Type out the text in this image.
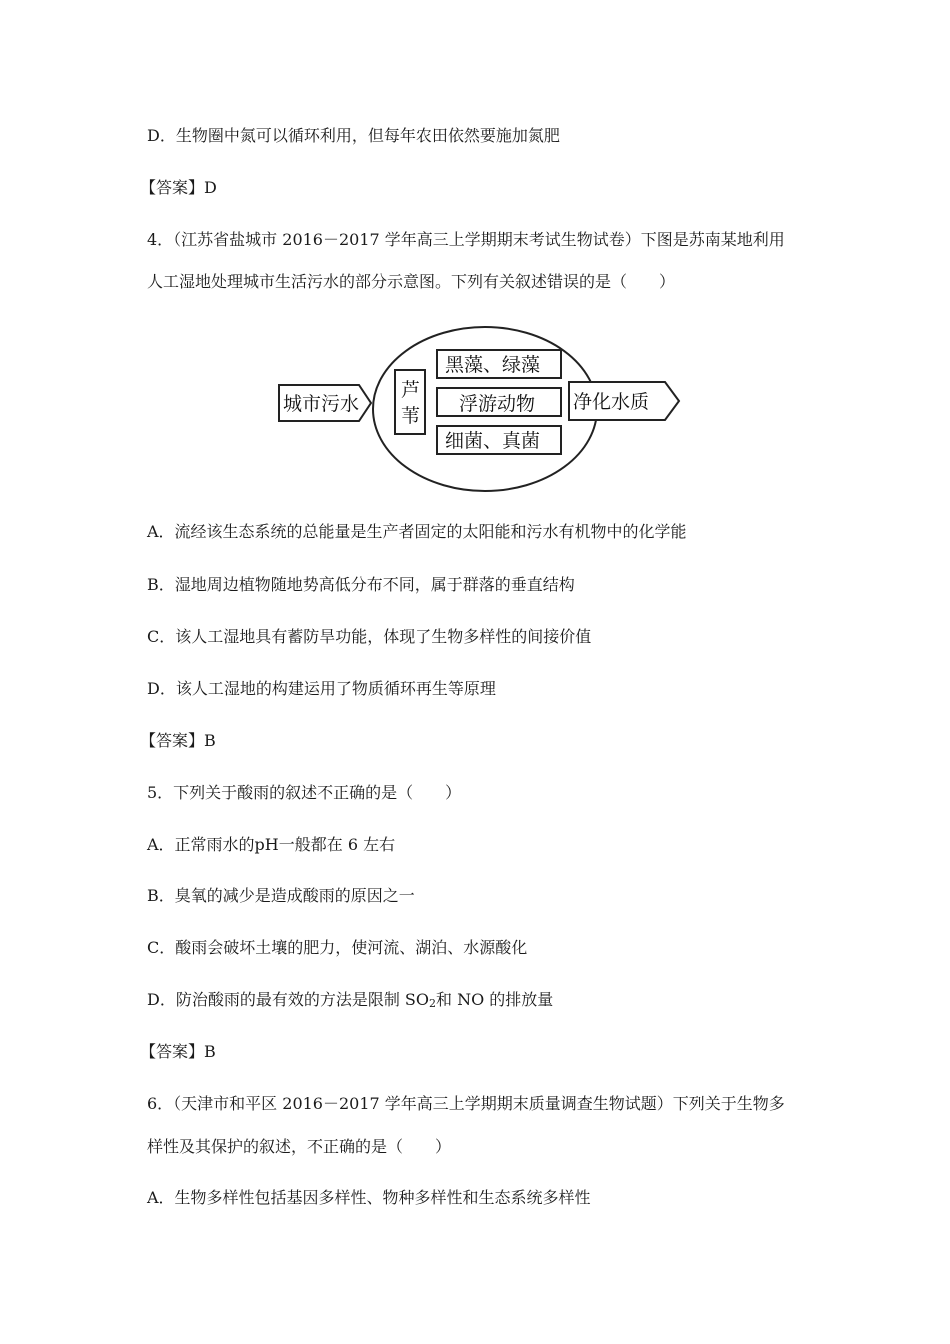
D．生物圈中氮可以循环利用，但每年农田依然要施加氮肥
【答案】D
4．（江苏省盐城市 2016－2017 学年高三上学期期末考试生物试卷）下图是苏南某地利用
人工湿地处理城市生活污水的部分示意图。下列有关叙述错误的是（　　）
城市污水
芦
苇
黑藻、绿藻
浮游动物
细菌、真菌
净化水质
A．流经该生态系统的总能量是生产者固定的太阳能和污水有机物中的化学能
B．湿地周边植物随地势高低分布不同，属于群落的垂直结构
C．该人工湿地具有蓄防旱功能，体现了生物多样性的间接价值
D．该人工湿地的构建运用了物质循环再生等原理
【答案】B
5．下列关于酸雨的叙述不正确的是（　　）
A．正常雨水的pH一般都在 6 左右
B．臭氧的减少是造成酸雨的原因之一
C．酸雨会破坏土壤的肥力，使河流、湖泊、水源酸化
D．防治酸雨的最有效的方法是限制 $SO_2$和 NO 的排放量
【答案】B
6．（天津市和平区 2016－2017 学年高三上学期期末质量调查生物试题）下列关于生物多
样性及其保护的叙述，不正确的是（　　）
A．生物多样性包括基因多样性、物种多样性和生态系统多样性
